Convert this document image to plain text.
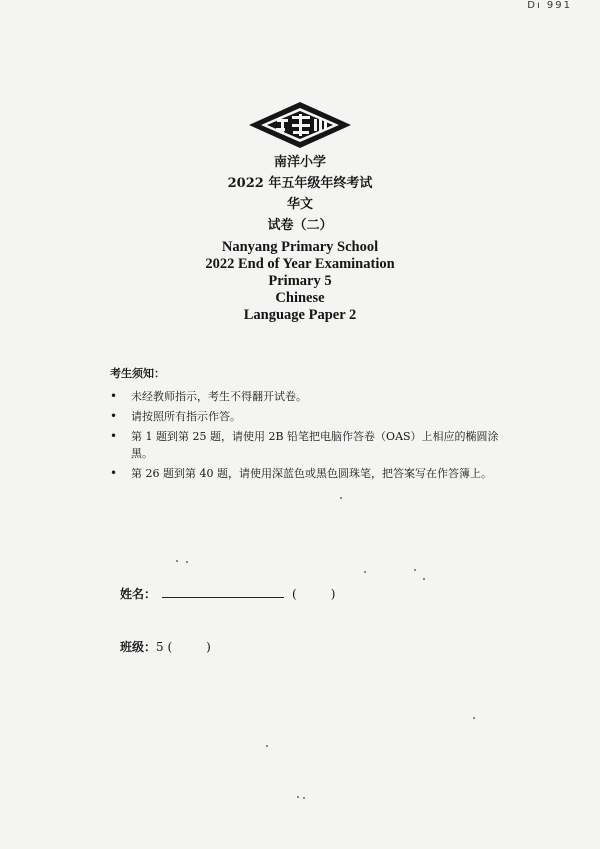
Dı 991
南洋小学
2022 年五年级年终考试
华文
试卷（二）
Nanyang Primary School
2022 End of Year Examination
Primary 5
Chinese
Language Paper 2
考生须知：
• 未经教师指示，考生不得翻开试卷。
• 请按照所有指示作答。
• 第 1 题到第 25 题，请使用 2B 铅笔把电脑作答卷（OAS）上相应的椭圆涂黑。
• 第 26 题到第 40 题，请使用深蓝色或黑色圆珠笔，把答案写在作答簿上。
姓名：	(	)
班级：5 (	)
